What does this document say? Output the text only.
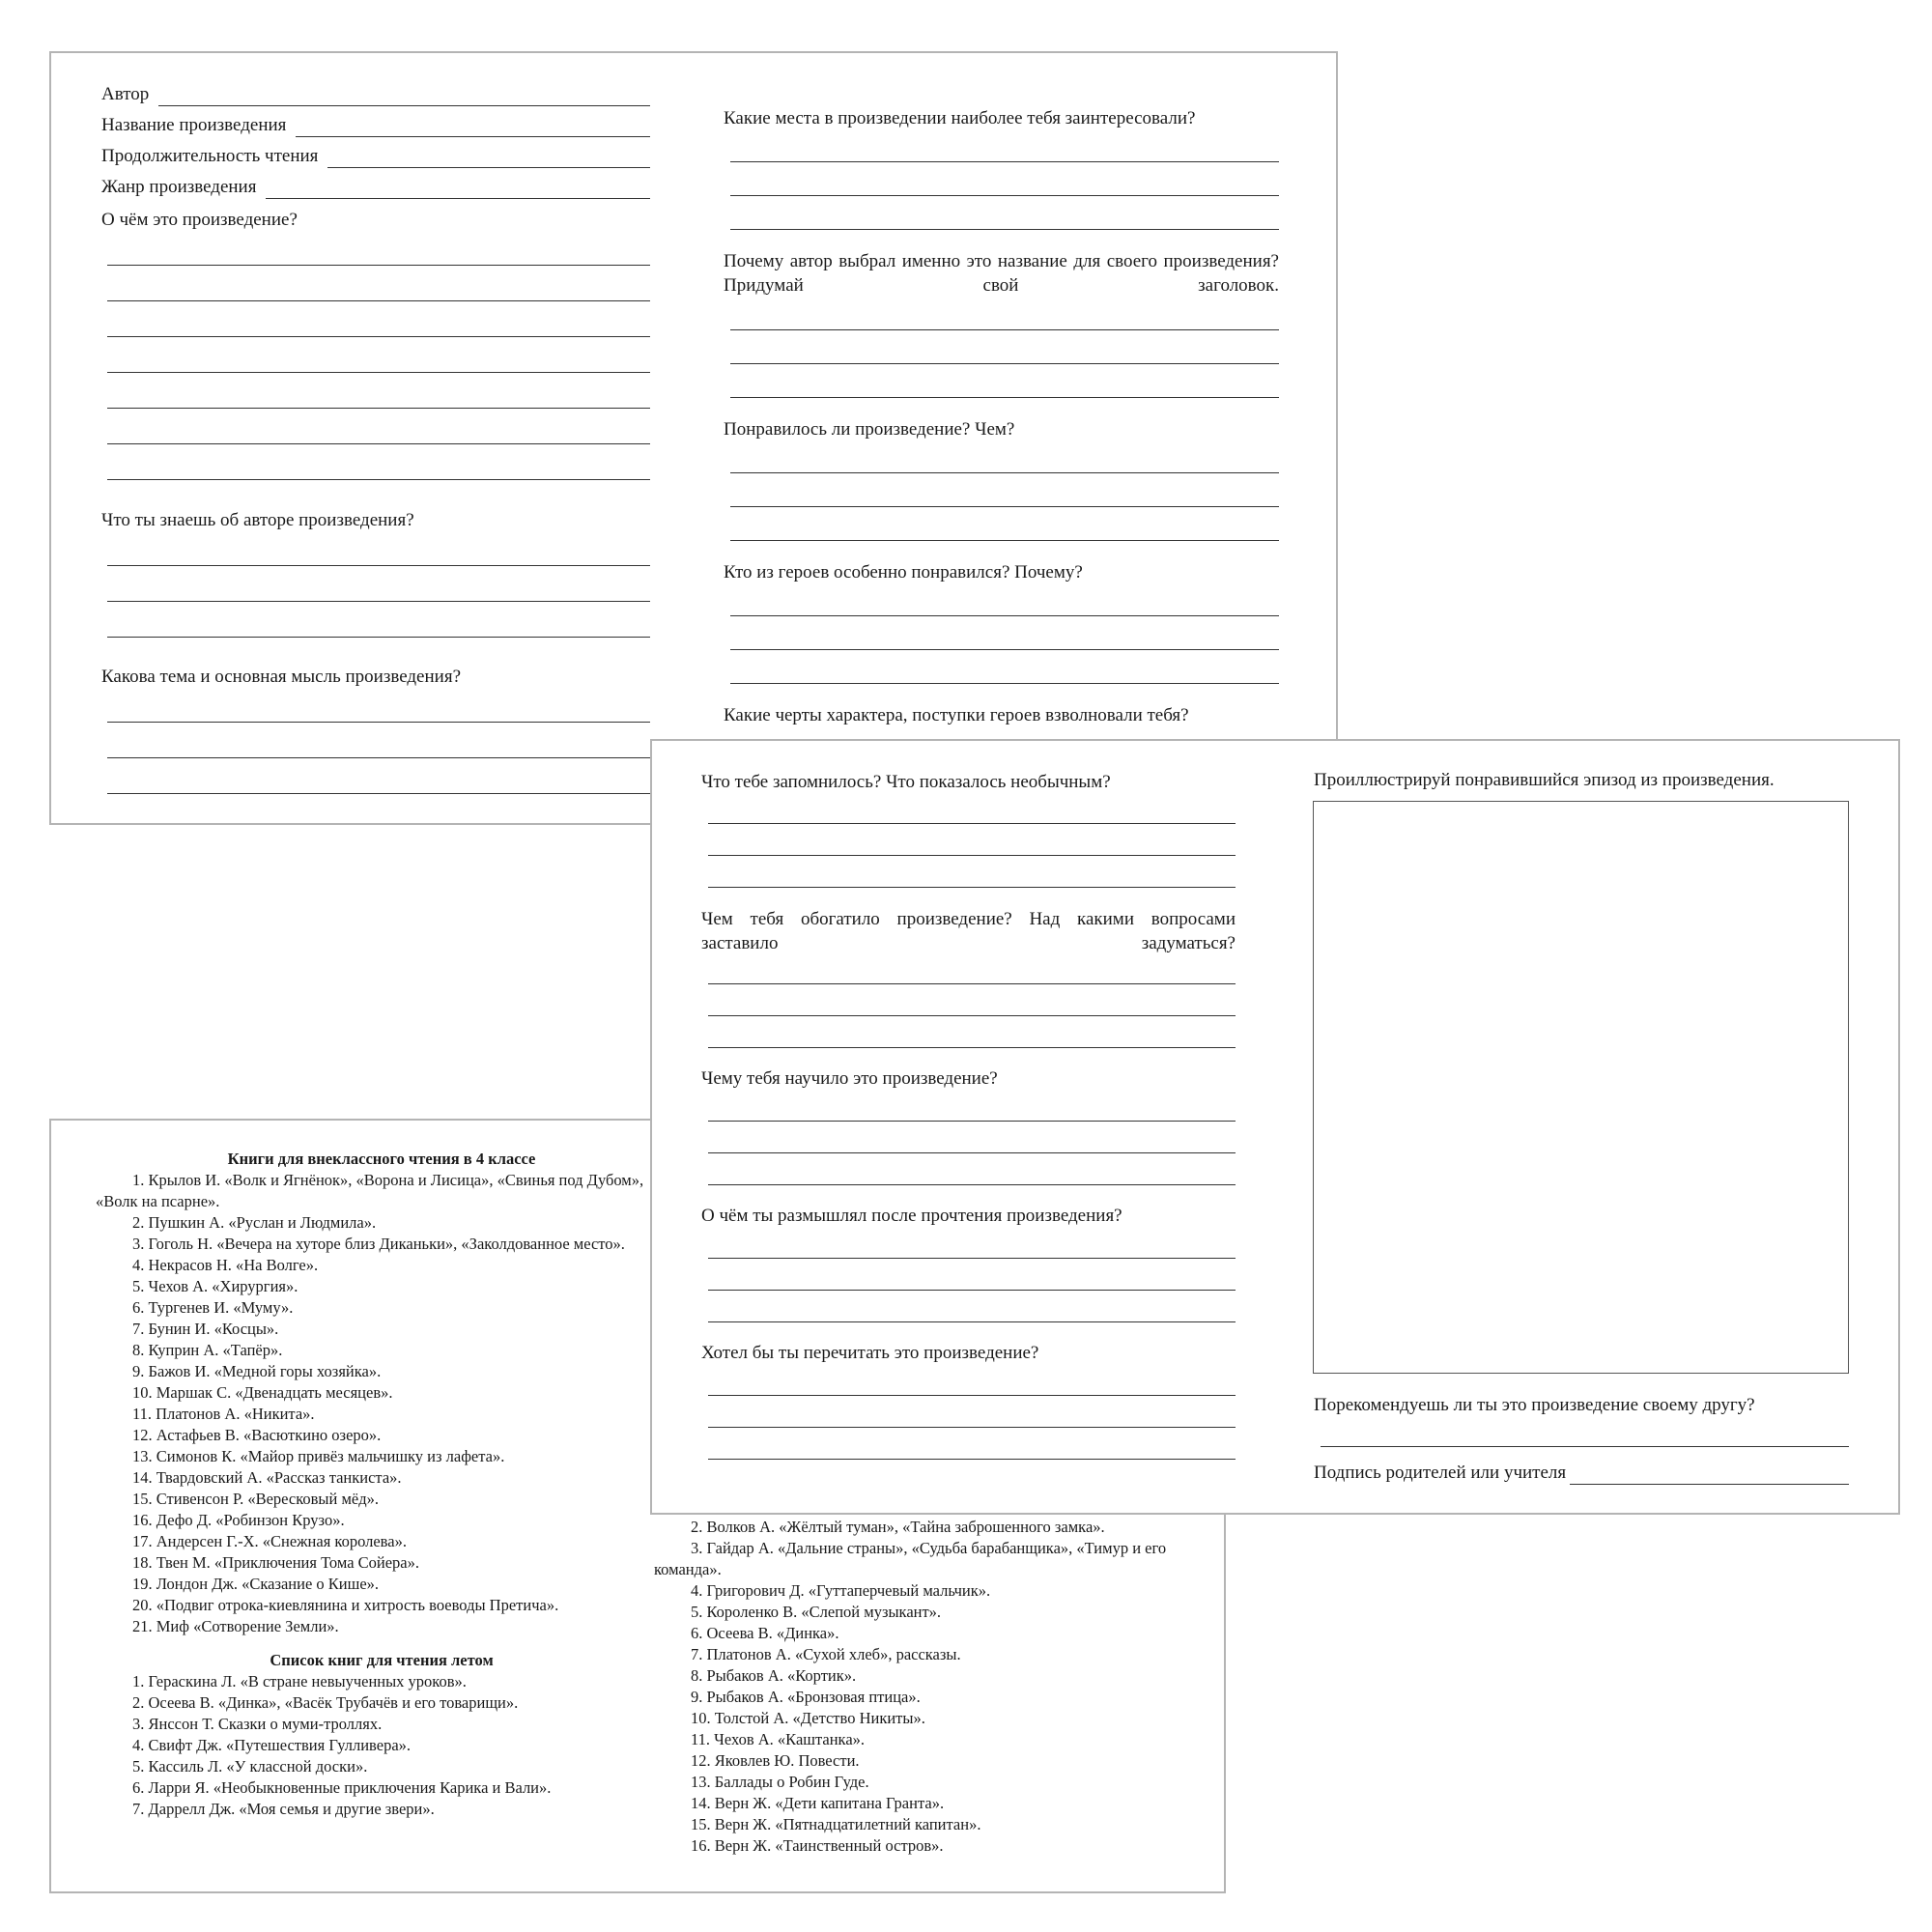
Автор
Название произведения
Продолжительность чтения
Жанр произведения
О чём это произведение?
Что ты знаешь об авторе произведения?
Какова тема и основная мысль произведения?
Какие места в произведении наиболее тебя заинтересовали?
Почему автор выбрал именно это название для своего произведения? Придумай свой заголовок.
Понравилось ли произведение? Чем?
Кто из героев особенно понравился? Почему?
Какие черты характера, поступки героев взволновали тебя?
Книги для внеклассного чтения в 4 классе
1. Крылов И. «Волк и Ягнёнок», «Ворона и Лисица», «Свинья под Дубом», «Волк на псарне».
2. Пушкин А. «Руслан и Людмила».
3. Гоголь Н. «Вечера на хуторе близ Диканьки», «Заколдованное место».
4. Некрасов Н. «На Волге».
5. Чехов А. «Хирургия».
6. Тургенев И. «Муму».
7. Бунин И. «Косцы».
8. Куприн А. «Тапёр».
9. Бажов И. «Медной горы хозяйка».
10. Маршак С. «Двенадцать месяцев».
11. Платонов А. «Никита».
12. Астафьев В. «Васюткино озеро».
13. Симонов К. «Майор привёз мальчишку из лафета».
14. Твардовский А. «Рассказ танкиста».
15. Стивенсон Р. «Вересковый мёд».
16. Дефо Д. «Робинзон Крузо».
17. Андерсен Г.-Х. «Снежная королева».
18. Твен М. «Приключения Тома Сойера».
19. Лондон Дж. «Сказание о Кише».
20. «Подвиг отрока-киевлянина и хитрость воеводы Претича».
21. Миф «Сотворение Земли».
Список книг для чтения летом
1. Гераскина Л. «В стране невыученных уроков».
2. Осеева В. «Динка», «Васёк Трубачёв и его товарищи».
3. Янссон Т. Сказки о муми-троллях.
4. Свифт Дж. «Путешествия Гулливера».
5. Кассиль Л. «У классной доски».
6. Ларри Я. «Необыкновенные приключения Карика и Вали».
7. Даррелл Дж. «Моя семья и другие звери».
2. Волков А. «Жёлтый туман», «Тайна заброшенного замка».
3. Гайдар А. «Дальние страны», «Судьба барабанщика», «Тимур и его команда».
4. Григорович Д. «Гуттаперчевый мальчик».
5. Короленко В. «Слепой музыкант».
6. Осеева В. «Динка».
7. Платонов А. «Сухой хлеб», рассказы.
8. Рыбаков А. «Кортик».
9. Рыбаков А. «Бронзовая птица».
10. Толстой А. «Детство Никиты».
11. Чехов А. «Каштанка».
12. Яковлев Ю. Повести.
13. Баллады о Робин Гуде.
14. Верн Ж. «Дети капитана Гранта».
15. Верн Ж. «Пятнадцатилетний капитан».
16. Верн Ж. «Таинственный остров».
Что тебе запомнилось? Что показалось необычным?
Чем тебя обогатило произведение? Над какими вопросами заставило задуматься?
Чему тебя научило это произведение?
О чём ты размышлял после прочтения произведения?
Хотел бы ты перечитать это произведение?
Проиллюстрируй понравившийся эпизод из произведения.
Порекомендуешь ли ты это произведение своему другу?
Подпись родителей или учителя
